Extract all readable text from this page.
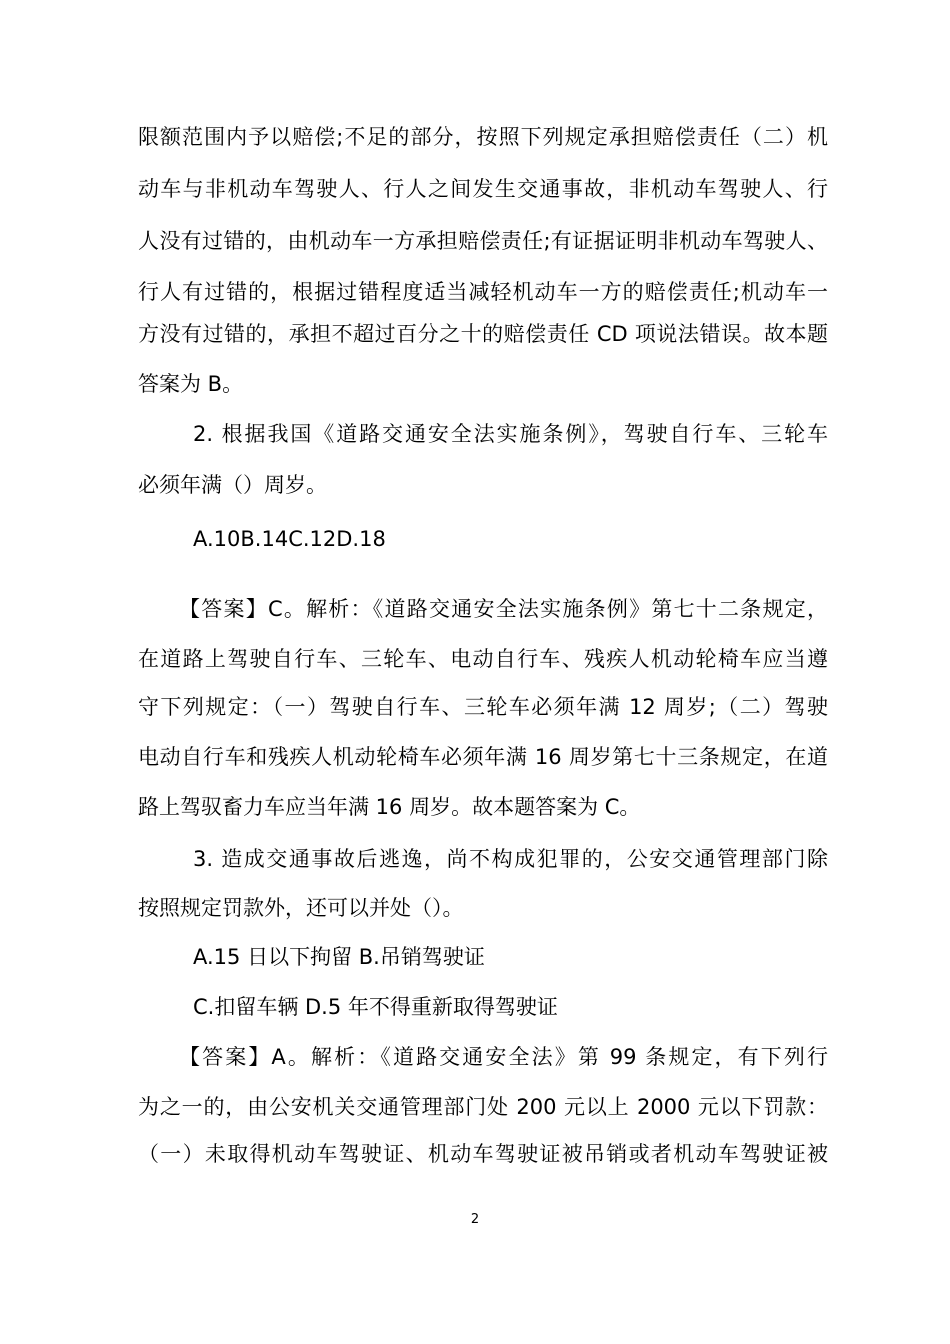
限额范围内予以赔偿;不足的部分，按照下列规定承担赔偿责任（二）机
动车与非机动车驾驶人、行人之间发生交通事故，非机动车驾驶人、行
人没有过错的，由机动车一方承担赔偿责任;有证据证明非机动车驾驶人、
行人有过错的，根据过错程度适当减轻机动车一方的赔偿责任;机动车一
方没有过错的，承担不超过百分之十的赔偿责任 CD 项说法错误。故本题
答案为 B。
2. 根据我国《道路交通安全法实施条例》，驾驶自行车、三轮车
必须年满（）周岁。
A.10B.14C.12D.18
【答案】C。解析：《道路交通安全法实施条例》第七十二条规定，
在道路上驾驶自行车、三轮车、电动自行车、残疾人机动轮椅车应当遵
守下列规定：（一）驾驶自行车、三轮车必须年满 12 周岁;（二）驾驶
电动自行车和残疾人机动轮椅车必须年满 16 周岁第七十三条规定，在道
路上驾驭畜力车应当年满 16 周岁。故本题答案为 C。
3. 造成交通事故后逃逸，尚不构成犯罪的，公安交通管理部门除
按照规定罚款外，还可以并处（）。
A.15 日以下拘留 B.吊销驾驶证
C.扣留车辆 D.5 年不得重新取得驾驶证
【答案】A。解析：《道路交通安全法》第 99 条规定，有下列行
为之一的，由公安机关交通管理部门处 200 元以上 2000 元以下罚款：
（一）未取得机动车驾驶证、机动车驾驶证被吊销或者机动车驾驶证被
2
